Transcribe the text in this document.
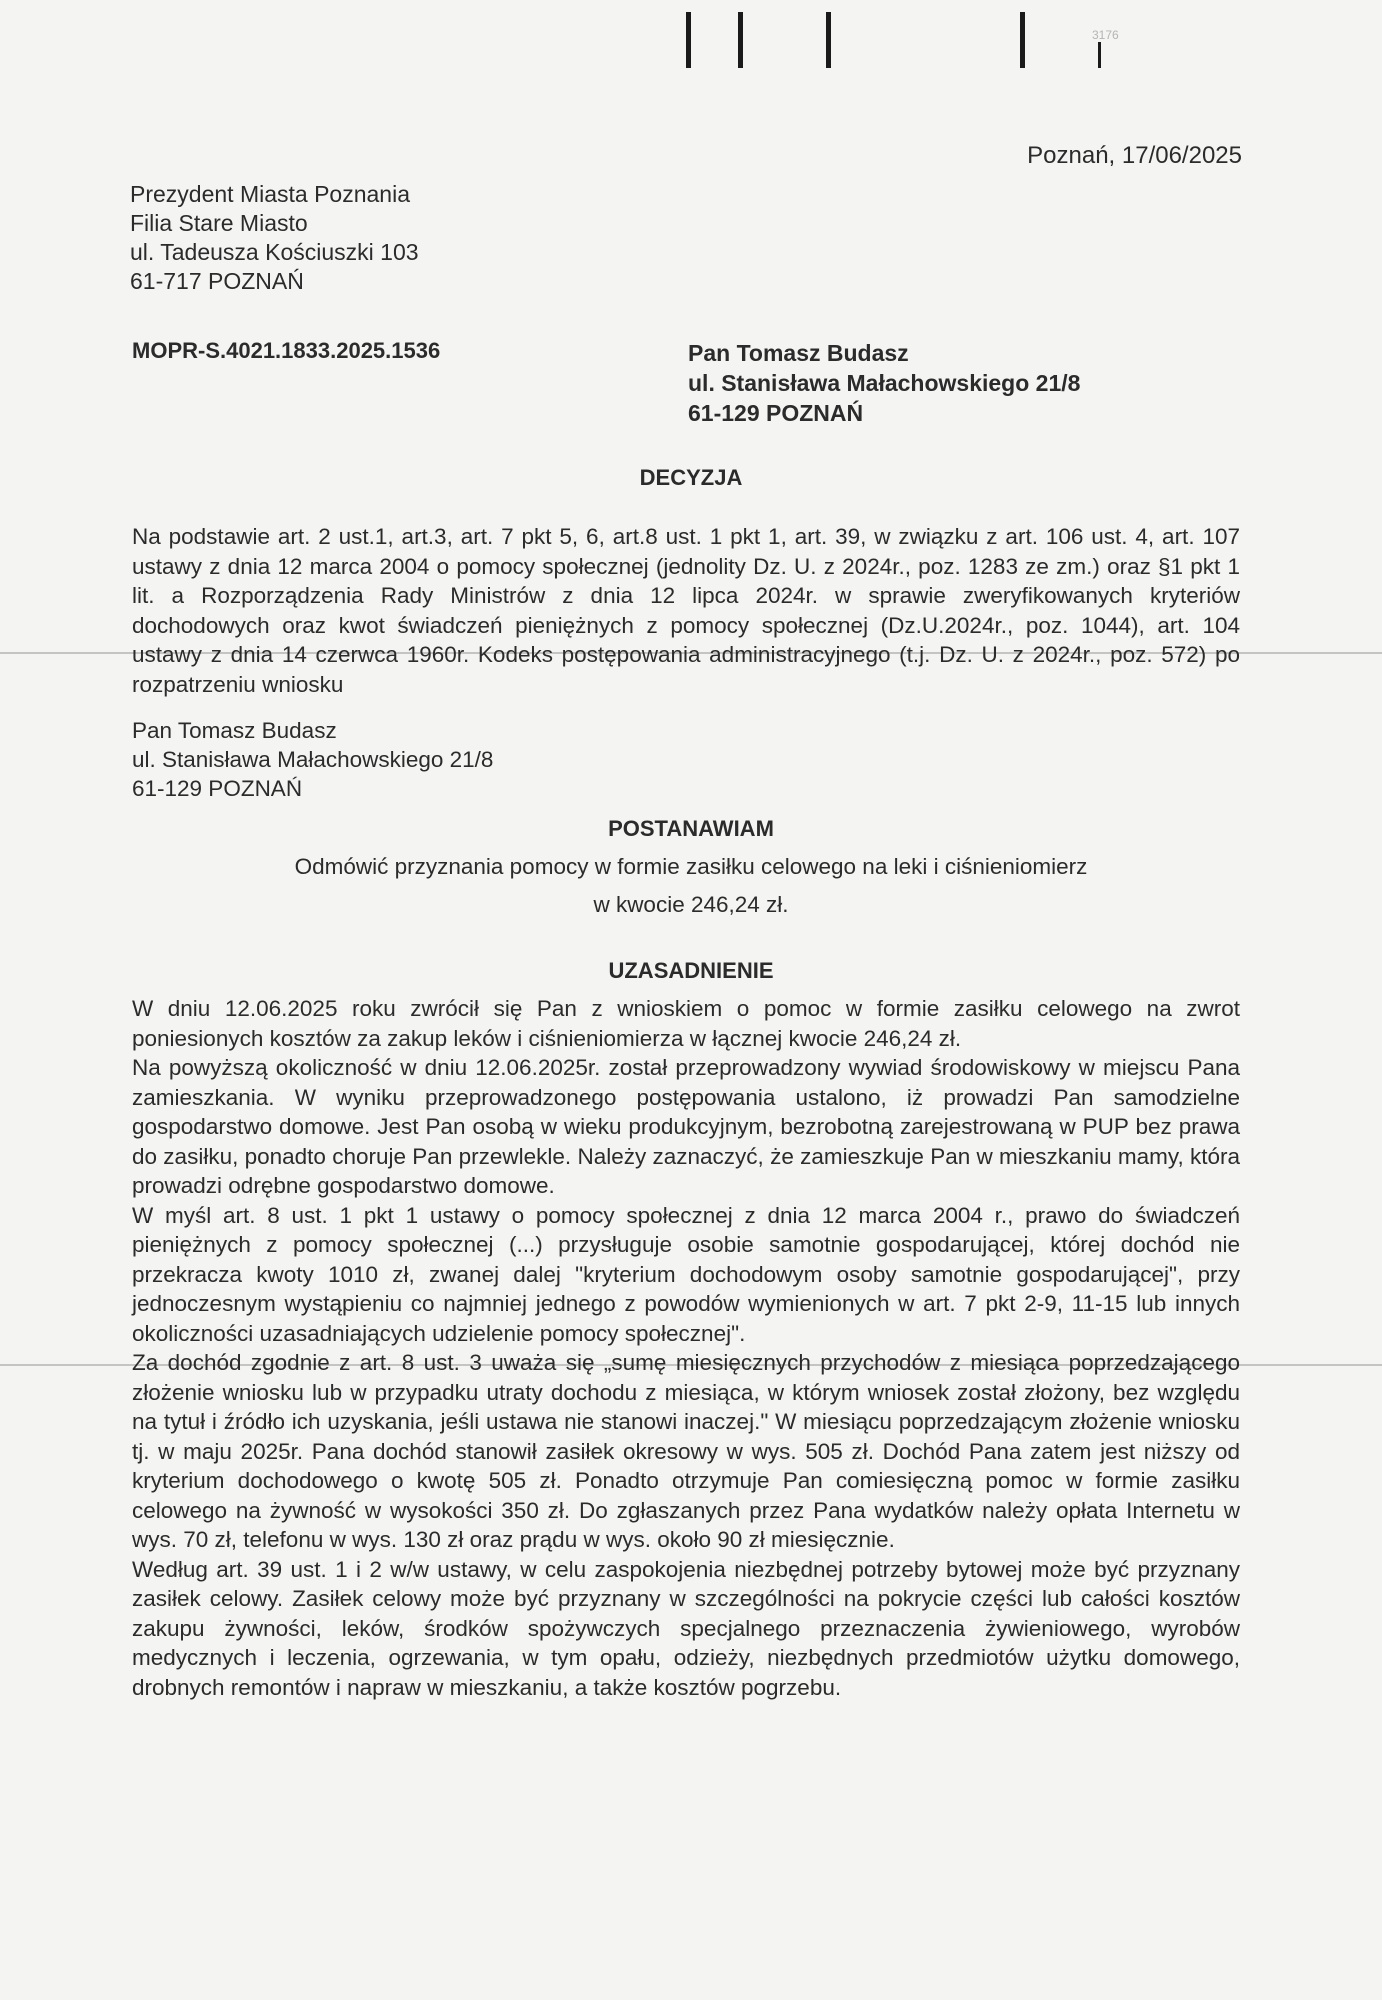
3176
Poznań, 17/06/2025
Prezydent Miasta Poznania
Filia Stare Miasto
ul. Tadeusza Kościuszki 103
61-717 POZNAŃ
MOPR-S.4021.1833.2025.1536	Pan Tomasz Budasz
ul. Stanisława Małachowskiego 21/8
61-129 POZNAŃ
DECYZJA

Na podstawie art. 2 ust.1, art.3, art. 7 pkt 5, 6, art.8 ust. 1 pkt 1, art. 39, w związku z art. 106 ust. 4, art. 107 ustawy z dnia 12 marca 2004 o pomocy społecznej (jednolity Dz. U. z 2024r., poz. 1283 ze zm.) oraz §1 pkt 1 lit. a Rozporządzenia Rady Ministrów z dnia 12 lipca 2024r. w sprawie zweryfikowanych kryteriów dochodowych oraz kwot świadczeń pieniężnych z pomocy społecznej (Dz.U.2024r., poz. 1044), art. 104 ustawy z dnia 14 czerwca 1960r. Kodeks postępowania administracyjnego (t.j. Dz. U. z 2024r., poz. 572) po rozpatrzeniu wniosku

Pan Tomasz Budasz
ul. Stanisława Małachowskiego 21/8
61-129 POZNAŃ
POSTANAWIAM
Odmówić przyznania pomocy w formie zasiłku celowego na leki i ciśnieniomierz
w kwocie 246,24 zł.
UZASADNIENIE

W dniu 12.06.2025 roku zwrócił się Pan z wnioskiem o pomoc w formie zasiłku celowego na zwrot poniesionych kosztów za zakup leków i ciśnieniomierza w łącznej kwocie 246,24 zł.

Na powyższą okoliczność w dniu 12.06.2025r. został przeprowadzony wywiad środowiskowy w miejscu Pana zamieszkania. W wyniku przeprowadzonego postępowania ustalono, iż prowadzi Pan samodzielne gospodarstwo domowe. Jest Pan osobą w wieku produkcyjnym, bezrobotną zarejestrowaną w PUP bez prawa do zasiłku, ponadto choruje Pan przewlekle. Należy zaznaczyć, że zamieszkuje Pan w mieszkaniu mamy, która prowadzi odrębne gospodarstwo domowe.

W myśl art. 8 ust. 1 pkt 1 ustawy o pomocy społecznej z dnia 12 marca 2004 r., prawo do świadczeń pieniężnych z pomocy społecznej (...) przysługuje osobie samotnie gospodarującej, której dochód nie przekracza kwoty 1010 zł, zwanej dalej "kryterium dochodowym osoby samotnie gospodarującej", przy jednoczesnym wystąpieniu co najmniej jednego z powodów wymienionych w art. 7 pkt 2-9, 11-15 lub innych okoliczności uzasadniających udzielenie pomocy społecznej".

Za dochód zgodnie z art. 8 ust. 3 uważa się „sumę miesięcznych przychodów z miesiąca poprzedzającego złożenie wniosku lub w przypadku utraty dochodu z miesiąca, w którym wniosek został złożony, bez względu na tytuł i źródło ich uzyskania, jeśli ustawa nie stanowi inaczej." W miesiącu poprzedzającym złożenie wniosku tj. w maju 2025r. Pana dochód stanowił zasiłek okresowy w wys. 505 zł. Dochód Pana zatem jest niższy od kryterium dochodowego o kwotę 505 zł. Ponadto otrzymuje Pan comiesięczną pomoc w formie zasiłku celowego na żywność w wysokości 350 zł. Do zgłaszanych przez Pana wydatków należy opłata Internetu w wys. 70 zł, telefonu w wys. 130 zł oraz prądu w wys. około 90 zł miesięcznie.

Według art. 39 ust. 1 i 2 w/w ustawy, w celu zaspokojenia niezbędnej potrzeby bytowej może być przyznany zasiłek celowy. Zasiłek celowy może być przyznany w szczególności na pokrycie części lub całości kosztów zakupu żywności, leków, środków spożywczych specjalnego przeznaczenia żywieniowego, wyrobów medycznych i leczenia, ogrzewania, w tym opału, odzieży, niezbędnych przedmiotów użytku domowego, drobnych remontów i napraw w mieszkaniu, a także kosztów pogrzebu.
